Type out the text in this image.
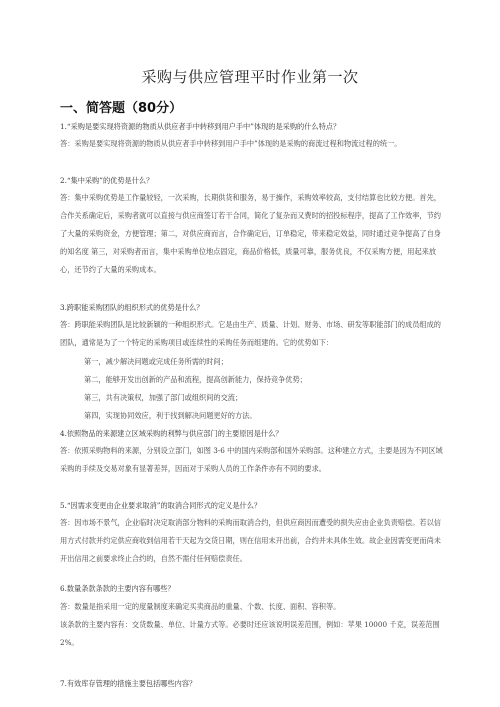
采购与供应管理平时作业第一次
一、简答题（80分）

1.“采购是要实现将资源的物质从供应者手中转移到用户手中”体现的是采购的什么特点？

答：采购是要实现将资源的物质从供应者手中转移到用户手中”体现的是采购的商流过程和物流过程的统一。

2.“集中采购”的优势是什么？

答：集中采购优势是工作量较轻，一次采购，长期供货和服务，易于操作，采购效率较高，支付结算也比较方便。首先，合作关系确定后，采购者就可以直接与供应商签订若干合同，简化了复杂而又费时的招投标程序，提高了工作效率，节约了大量的采购资金，方便管理；第二，对供应商而言，合作确定后，订单稳定，带来稳定效益，同时通过竞争提高了自身的知名度 第三，对采购者而言，集中采购单位地点固定，商品价格低，质量可靠，服务优良，不仅采购方便，用起来放心，还节约了大量的采购成本。

3.跨职能采购团队的组织形式的优势是什么？

答：跨职能采购团队是比较新颖的一种组织形式。它是由生产、质量、计划、财务、市场、研发等职能部门的成员组成的团队，通常是为了一个特定的采购项目或连续性的采购任务而组建的。它的优势如下：

第一，减少解决问题或完成任务所需的时间；

第二，能够开发出创新的产品和流程，提高创新能力，保持竞争优势；

第三，共有决策权，加强了部门或组织间的交流；

第四，实现协同效应，利于找到解决问题更好的方法。

4.依照物品的来源建立区域采购的利弊与供应部门的主要原因是什么？

答：依照采购物料的来源，分别设立部门，如图 3-6 中的国内采购部和国外采购部。这种建立方式，主要是因为不同区域采购的手续及交易对象有显著差异，因而对于采购人员的工作条件亦有不同的要求。

5.“因需求变更由企业要求取消”的取消合同形式的定义是什么？

答：因市场不景气，企业临时决定取消部分物料的采购而取消合约，但供应商因而遭受的损失应由企业负责赔偿。若以信用方式付款并约定供应商收到信用若干天起为交货日期，则在信用未开出前，合约并未具体生效。故企业因需变更而尚未开出信用之前要求终止合约的，自然不需付任何赔偿责任。

6.数量条款条款的主要内容有哪些？

答：数量是指采用一定的度量制度来确定买卖商品的重量、个数、长度、面积、容积等。

该条款的主要内容有：交货数量、单位、计量方式等。必要时还应该说明误差范围，例如：苹果 10000 千克，误差范围 2%。

7.有效库存管理的措施主要包括哪些内容？
